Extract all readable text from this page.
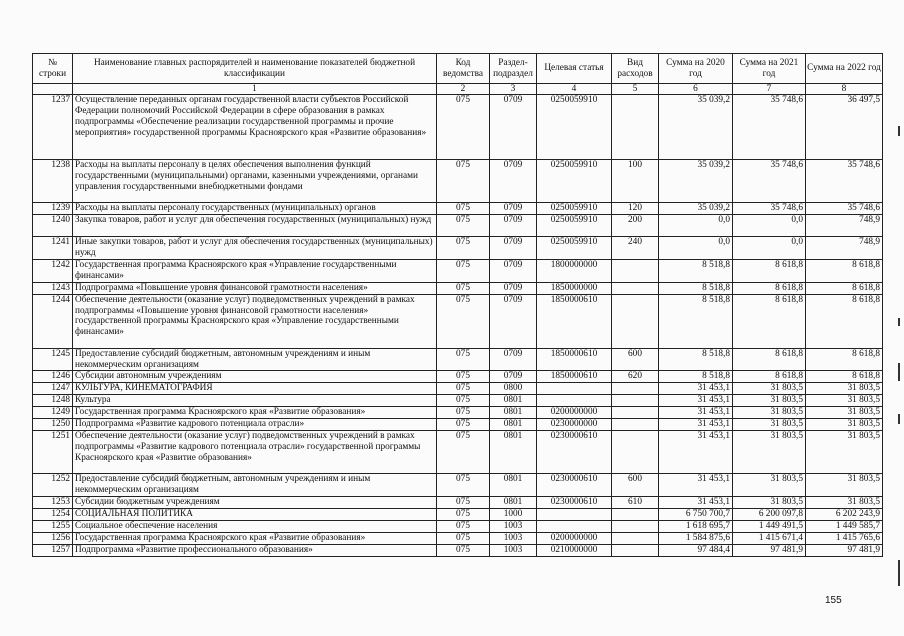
№ строки	Наименование главных распорядителей и наименование показателей бюджетной классификации	Код ведомства	Раздел-подраздел	Целевая статья	Вид расходов	Сумма на 2020 год	Сумма на 2021 год	Сумма на 2022 год
	1	2	3	4	5	6	7	8
1237	Осуществление переданных органам государственной власти субъектов Российской Федерации полномочий Российской Федерации в сфере образования в рамках подпрограммы «Обеспечение реализации государственной программы и прочие мероприятия» государственной программы Красноярского края «Развитие образования»	075	0709	0250059910		35 039,2	35 748,6	36 497,5
1238	Расходы на выплаты персоналу в целях обеспечения выполнения функций государственными (муниципальными) органами, казенными учреждениями, органами управления государственными внебюджетными фондами	075	0709	0250059910	100	35 039,2	35 748,6	35 748,6
1239	Расходы на выплаты персоналу государственных (муниципальных) органов	075	0709	0250059910	120	35 039,2	35 748,6	35 748,6
1240	Закупка товаров, работ и услуг для обеспечения государственных (муниципальных) нужд	075	0709	0250059910	200	0,0	0,0	748,9
1241	Иные закупки товаров, работ и услуг для обеспечения государственных (муниципальных) нужд	075	0709	0250059910	240	0,0	0,0	748,9
1242	Государственная программа Красноярского края «Управление государственными финансами»	075	0709	1800000000		8 518,8	8 618,8	8 618,8
1243	Подпрограмма «Повышение уровня финансовой грамотности населения»	075	0709	1850000000		8 518,8	8 618,8	8 618,8
1244	Обеспечение деятельности (оказание услуг) подведомственных учреждений в рамках подпрограммы «Повышение уровня финансовой грамотности населения» государственной программы Красноярского края «Управление государственными финансами»	075	0709	1850000610		8 518,8	8 618,8	8 618,8
1245	Предоставление субсидий бюджетным, автономным учреждениям и иным некоммерческим организациям	075	0709	1850000610	600	8 518,8	8 618,8	8 618,8
1246	Субсидии автономным учреждениям	075	0709	1850000610	620	8 518,8	8 618,8	8 618,8
1247	КУЛЬТУРА, КИНЕМАТОГРАФИЯ	075	0800			31 453,1	31 803,5	31 803,5
1248	Культура	075	0801			31 453,1	31 803,5	31 803,5
1249	Государственная программа Красноярского края «Развитие образования»	075	0801	0200000000		31 453,1	31 803,5	31 803,5
1250	Подпрограмма «Развитие кадрового потенциала отрасли»	075	0801	0230000000		31 453,1	31 803,5	31 803,5
1251	Обеспечение деятельности (оказание услуг) подведомственных учреждений в рамках подпрограммы «Развитие кадрового потенциала отрасли» государственной программы Красноярского края «Развитие образования»	075	0801	0230000610		31 453,1	31 803,5	31 803,5
1252	Предоставление субсидий бюджетным, автономным учреждениям и иным некоммерческим организациям	075	0801	0230000610	600	31 453,1	31 803,5	31 803,5
1253	Субсидии бюджетным учреждениям	075	0801	0230000610	610	31 453,1	31 803,5	31 803,5
1254	СОЦИАЛЬНАЯ ПОЛИТИКА	075	1000			6 750 700,7	6 200 097,8	6 202 243,9
1255	Социальное обеспечение населения	075	1003			1 618 695,7	1 449 491,5	1 449 585,7
1256	Государственная программа Красноярского края «Развитие образования»	075	1003	0200000000		1 584 875,6	1 415 671,4	1 415 765,6
1257	Подпрограмма «Развитие профессионального образования»	075	1003	0210000000		97 484,4	97 481,9	97 481,9
155
